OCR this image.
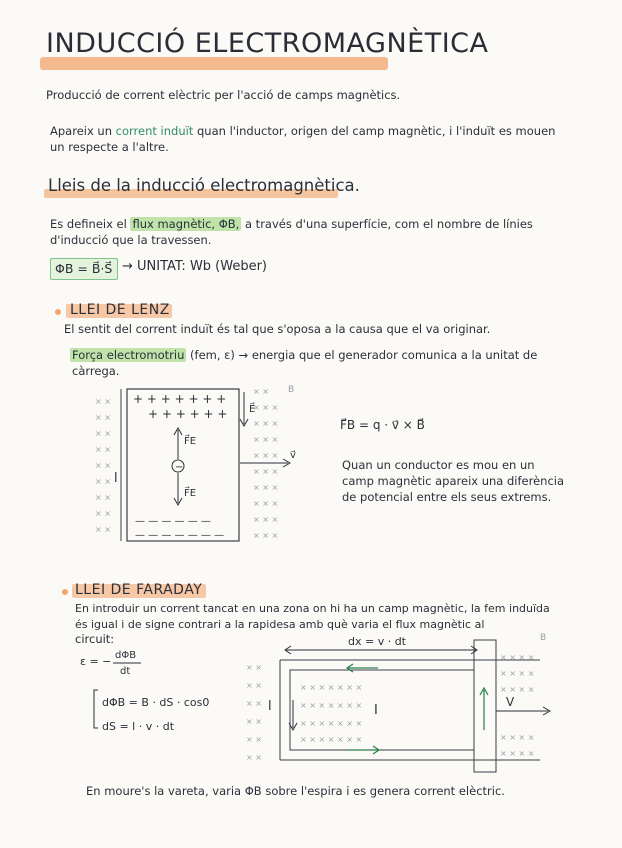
INDUCCIÓ ELECTROMAGNÈTICA
Producció de corrent elèctric per l'acció de camps magnètics.
Apareix un corrent induït quan l'inductor, origen del camp magnètic, i l'induït es mouen
un respecte a l'altre.
Lleis de la inducció electromagnètica.
Es defineix el flux magnètic, ΦB, a través d'una superfície, com el nombre de línies
d'inducció que la travessen.
ΦB = B⃗·S⃗ → UNITAT: Wb (Weber)
LLEI DE LENZ
El sentit del corrent induït és tal que s'oposa a la causa que el va originar.
Força electromotriu (fem, ε) → energia que el generador comunica a la unitat de
càrrega.
× ×
× ×
× ×
× ×
× ×
× ×
× ×
× ×
× ×
× ×
× × ×
× × ×
× × ×
× × ×
× × ×
× × ×
× × ×
× × ×
× × ×
B
l
+ + + + + + +
+ + + + + +
— — — — — —
— — — — — — —
−
F⃗E
F⃗E
E⃗
v⃗
× ×
× ×
× ×
× ×
× ×
× ×
× × × × × × ×
× × × × × × ×
× × × × × × ×
× × × × × × ×
× × × ×
× × × ×
× × × ×
× × × ×
× × × ×
B
dx = v · dt
l	I
V
F⃗B = q · v⃗ × B⃗
Quan un conductor es mou en un
camp magnètic apareix una diferència
de potencial entre els seus extrems.
LLEI DE FARADAY
En introduir un corrent tancat en una zona on hi ha un camp magnètic, la fem induïda
és igual i de signe contrari a la rapidesa amb què varia el flux magnètic al
circuit:
ε = − dΦB
dt
dΦB = B · dS · cos0
dS = l · v · dt
En moure's la vareta, varia ΦB sobre l'espira i es genera corrent elèctric.
